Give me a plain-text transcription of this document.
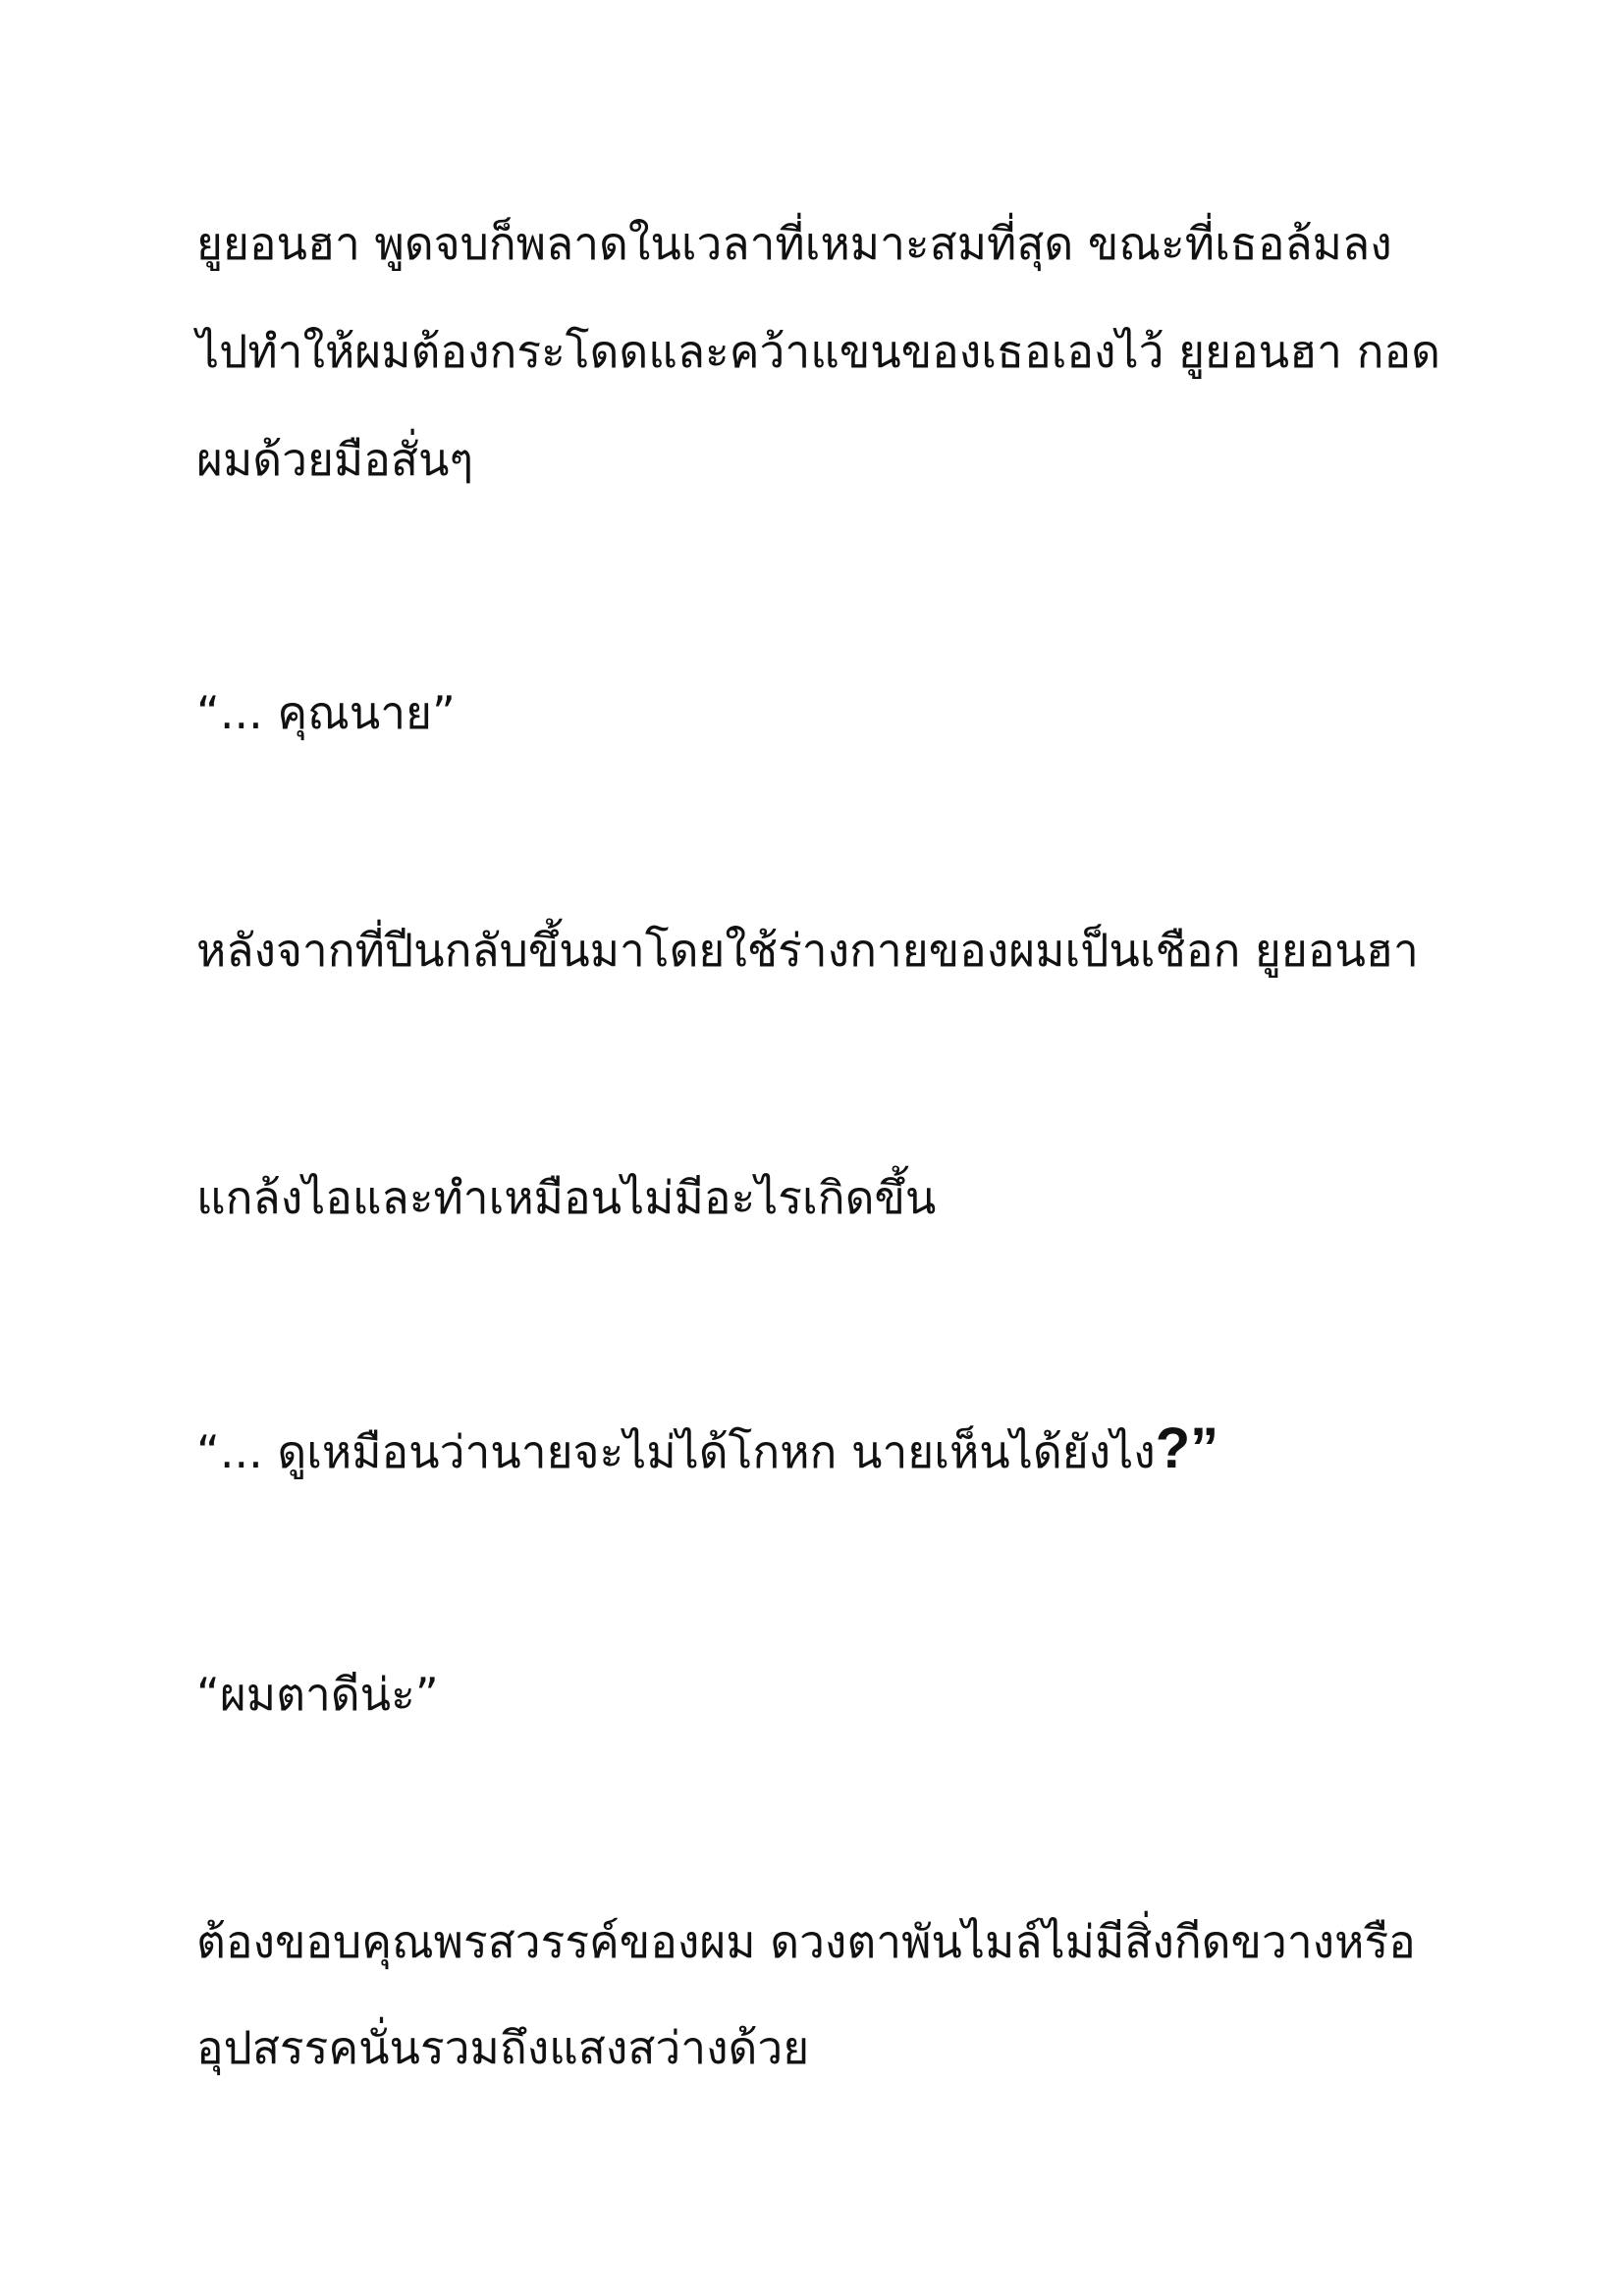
ยูยอนฮา พูดจบก็พลาดในเวลาที่เหมาะสมที่สุด ขณะที่เธอล้มลง

ไปทำให้ผมต้องกระโดดและคว้าแขนของเธอเองไว้ ยูยอนฮา กอด

ผมด้วยมือสั่นๆ

“... คุณนาย”

หลังจากที่ปีนกลับขึ้นมาโดยใช้ร่างกายของผมเป็นเชือก ยูยอนฮา

แกล้งไอและทำเหมือนไม่มีอะไรเกิดขึ้น

“... ดูเหมือนว่านายจะไม่ได้โกหก นายเห็นได้ยังไง?”

“ผมตาดีน่ะ”

ต้องขอบคุณพรสวรรค์ของผม ดวงตาพันไมล์ไม่มีสิ่งกีดขวางหรือ

อุปสรรคนั่นรวมถึงแสงสว่างด้วย
